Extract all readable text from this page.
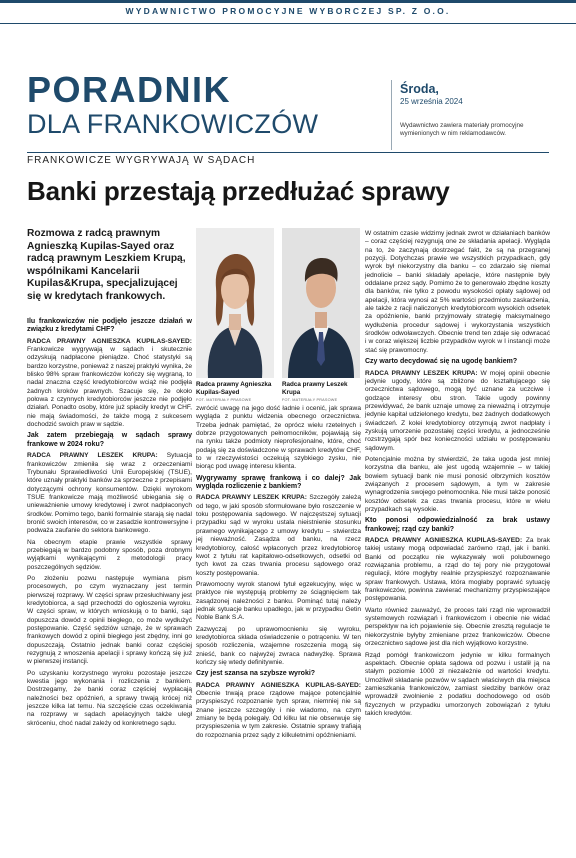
WYDAWNICTWO PROMOCYJNE WYBORCZEJ SP. Z O.O.
PORADNIK
DLA FRANKOWICZÓW
Środa,
25 września 2024
Wydawnictwo zawiera materiały promocyjne wymienionych w nim reklamodawców.
FRANKOWICZE WYGRYWAJĄ W SĄDACH
Banki przestają przedłużać sprawy
Rozmowa z radcą prawnym Agnieszką Kupilas-Sayed oraz radcą prawnym Leszkiem Krupą, wspólnikami Kancelarii Kupilas&Krupa, specjalizującej się w kredytach frankowych.
Radca prawny Agnieszka Kupilas-Sayed
FOT. MATERIAŁY PRASOWE
Radca prawny Leszek Krupa
FOT. MATERIAŁY PRASOWE

Ilu frankowiczów nie podjęło jeszcze działań w związku z kredytami CHF?

RADCA PRAWNY AGNIESZKA KUPILAS-SAYED: Frankowicze wygrywają w sądach i skutecznie odzyskują nadpłacone pieniądze. Choć statystyki są bardzo korzystne, ponieważ z naszej praktyki wynika, że blisko 98% spraw frankowiczów kończy się wygraną, to nadal znaczna część kredytobiorców wciąż nie podjęła żadnych kroków prawnych. Szacuje się, że około połowa z czynnych kredytobiorców jeszcze nie podjęło działań. Ponadto osoby, które już spłaciły kredyt w CHF, nie mają świadomości, że także mogą z sukcesem dochodzić swoich praw w sądzie.

Jak zatem przebiegają w sądach sprawy frankowe w 2024 roku?

RADCA PRAWNY LESZEK KRUPA: Sytuacja frankowiczów zmieniła się wraz z orzeczeniami Trybunału Sprawiedliwości Unii Europejskiej (TSUE), które uznały praktyki banków za sprzeczne z przepisami dotyczącymi ochrony konsumentów. Dzięki wyrokom TSUE frankowicze mają możliwość ubiegania się o unieważnienie umowy kredytowej i zwrot nadpłaconych środków. Pomimo tego, banki formalnie starają się nadal bronić swoich interesów, co w zasadzie kontrowersyjne i podważa zaufanie do sektora bankowego.

Na obecnym etapie prawie wszystkie sprawy przebiegają w bardzo podobny sposób, poza drobnymi wyjątkami wynikającymi z metodologii pracy poszczególnych sędziów.

Po złożeniu pozwu następuje wymiana pism procesowych, po czym wyznaczany jest termin pierwszej rozprawy. W części spraw przesłuchiwany jest kredytobiorca, a sąd przechodzi do ogłoszenia wyroku. W części spraw, w których wnioskują o to banki, sąd dopuszcza dowód z opinii biegłego, co może wydłużyć postępowanie. Część sędziów uznaje, że w sprawach frankowych dowód z opinii biegłego jest zbędny, inni go dopuszczają. Ostatnio jednak banki coraz częściej rezygnują z wnoszenia apelacji i sprawy kończą się już w pierwszej instancji.

Po uzyskaniu korzystnego wyroku pozostaje jeszcze kwestia jego wykonania i rozliczenia z bankiem. Dostrzegamy, że banki coraz częściej wypłacają należności bez opóźnień, a sprawy trwają krócej niż jeszcze kilka lat temu. Na szczęście czas oczekiwania na rozprawy w sądach apelacyjnych także uległ skróceniu, choć nadal zależy od konkretnego sądu.

zwrócić uwagę na jego dość ładnie i ocenić, jak sprawa wygląda z punktu widzenia obecnego orzecznictwa. Trzeba jednak pamiętać, że oprócz wielu rzetelnych i dobrze przygotowanych pełnomocników, pojawiają się na rynku także podmioty nieprofesjonalne, które, choć podają się za doświadczone w sprawach kredytów CHF, to w rzeczywistości oczekują szybkiego zysku, nie biorąc pod uwagę interesu klienta.

Wygrywamy sprawę frankową i co dalej? Jak wygląda rozliczenie z bankiem?

RADCA PRAWNY LESZEK KRUPA: Szczegóły zależą od tego, w jaki sposób sformułowane było roszczenie w toku postępowania sądowego. W najczęstszej sytuacji przypadku sąd w wyroku ustala nieistnienie stosunku prawnego wynikającego z umowy kredytu – stwierdza jej nieważność. Zasądza od banku, na rzecz kredytobiorcy, całość wpłaconych przez kredytobiorcę kwot z tytułu rat kapitałowo-odsetkowych, odsetki od tych kwot za czas trwania procesu sądowego oraz koszty postępowania.

Prawomocny wyrok stanowi tytuł egzekucyjny, więc w praktyce nie występują problemy ze ściągnięciem tak zasądzonej należności z banku. Pominąć tutaj należy jednak sytuacje banku upadłego, jak w przypadku Getin Noble Bank S.A.

Zazwyczaj po uprawomocnieniu się wyroku, kredytobiorca składa oświadczenie o potrąceniu. W ten sposób rozliczenia, wzajemne roszczenia mogą się znieść, bank co najwyżej zwraca nadwyżkę. Sprawa kończy się wtedy definitywnie.

Czy jest szansa na szybsze wyroki?

RADCA PRAWNY AGNIESZKA KUPILAS-SAYED: Obecnie trwają prace rządowe mające potencjalnie przyspieszyć rozpoznanie tych spraw, niemniej nie są znane jeszcze szczegóły i nie wiadomo, na czym zmiany te będą polegały. Od kilku lat nie obserwuje się przyspieszenia w tym zakresie. Ostatnie sprawy trafiają do rozpoznania przez sądy z kilkuletnimi opóźnieniami.

W ostatnim czasie widzimy jednak zwrot w działaniach banków – coraz częściej rezygnują one ze składania apelacji. Wygląda na to, że zaczynają dostrzegać fakt, że są na przegranej pozycji. Dotychczas prawie we wszystkich przypadkach, gdy wyrok był niekorzystny dla banku – co zdarzało się niemal jednolicie – banki składały apelacje, które następnie były oddalane przez sądy. Pomimo że to generowało zbędne koszty dla banków, nie tylko z powodu wysokości opłaty sądowej od apelacji, która wynosi aż 5% wartości przedmiotu zaskarżenia, ale także z racji naliczonych kredytobiorcom wysokich odsetek za opóźnienie, banki przyjmowały strategię maksymalnego wydłużenia procedur sądowej i wykorzystania wszystkich środków odwoławczych. Obecnie trend ten zdaje się odwracać i w coraz większej liczbie przypadków wyrok w I instancji może stać się prawomocny.

Czy warto decydować się na ugodę bankiem?

RADCA PRAWNY LESZEK KRUPA: W mojej opinii obecnie jedynie ugody, które są zbliżone do kształtującego się orzecznictwa sądowego, mogą być uznane za uczciwe i godzące interesy obu stron. Takie ugody powinny przewidywać, że bank uznaje umowę za nieważną i otrzymuje jedynie kapitał udzielonego kredytu, bez żadnych dodatkowych świadczeń. Z kolei kredytobiorcy otrzymują zwrot nadpłaty i zyskują umorzenie pozostałej części kredytu, a jednocześnie rozstrzygają spór bez konieczności udziału w postępowaniu sądowym.

Potencjalnie można by stwierdzić, że taka ugoda jest mniej korzystna dla banku, ale jest ugodą wzajemnie – w takiej bowiem sytuacji bank nie musi ponosić olbrzymich kosztów związanych z procesem sądowym, a tym w zakresie wynagrodzenia swojego pełnomocnika. Nie musi także ponosić kosztów odsetek za czas trwania procesu, które w wielu przypadkach są wysokie.

Kto ponosi odpowiedzialność za brak ustawy frankowej; rząd czy banki?

RADCA PRAWNY AGNIESZKA KUPILAS-SAYED: Za brak takiej ustawy mogą odpowiadać zarówno rząd, jak i banki. Banki od początku nie wykazywały woli polubownego rozwiązania problemu, a rząd do tej pory nie przygotował regulacji, które mogłyby realnie przyspieszyć rozpoznawanie spraw frankowych. Ustawa, która mogłaby poprawić sytuację frankowiczów, powinna zawierać mechanizmy przyspieszające postępowania.

Warto również zauważyć, że proces taki rząd nie wprowadził systemowych rozwiązań i frankowiczom i obecnie nie widać perspektyw na ich pojawienie się. Obecnie zresztą regulacje te niekorzystnie byłyby zmieniane przez frankowiczów. Obecne orzecznictwo sądowe jest dla nich wyjątkowo korzystne.

Rząd pomógł frankowiczom jedynie w kilku formalnych aspektach. Obecnie opłata sądowa od pozwu i ustalił ją na stałym poziomie 1000 zł niezależnie od wartości kredytu. Umożliwił składanie pozwów w sądach właściwych dla miejsca zamieszkania frankowiczów, zamiast siedziby banków oraz wprowadził zwolnienie z podatku dochodowego od osób fizycznych w przypadku umorzonych zobowiązań z tytułu takich kredytów.
